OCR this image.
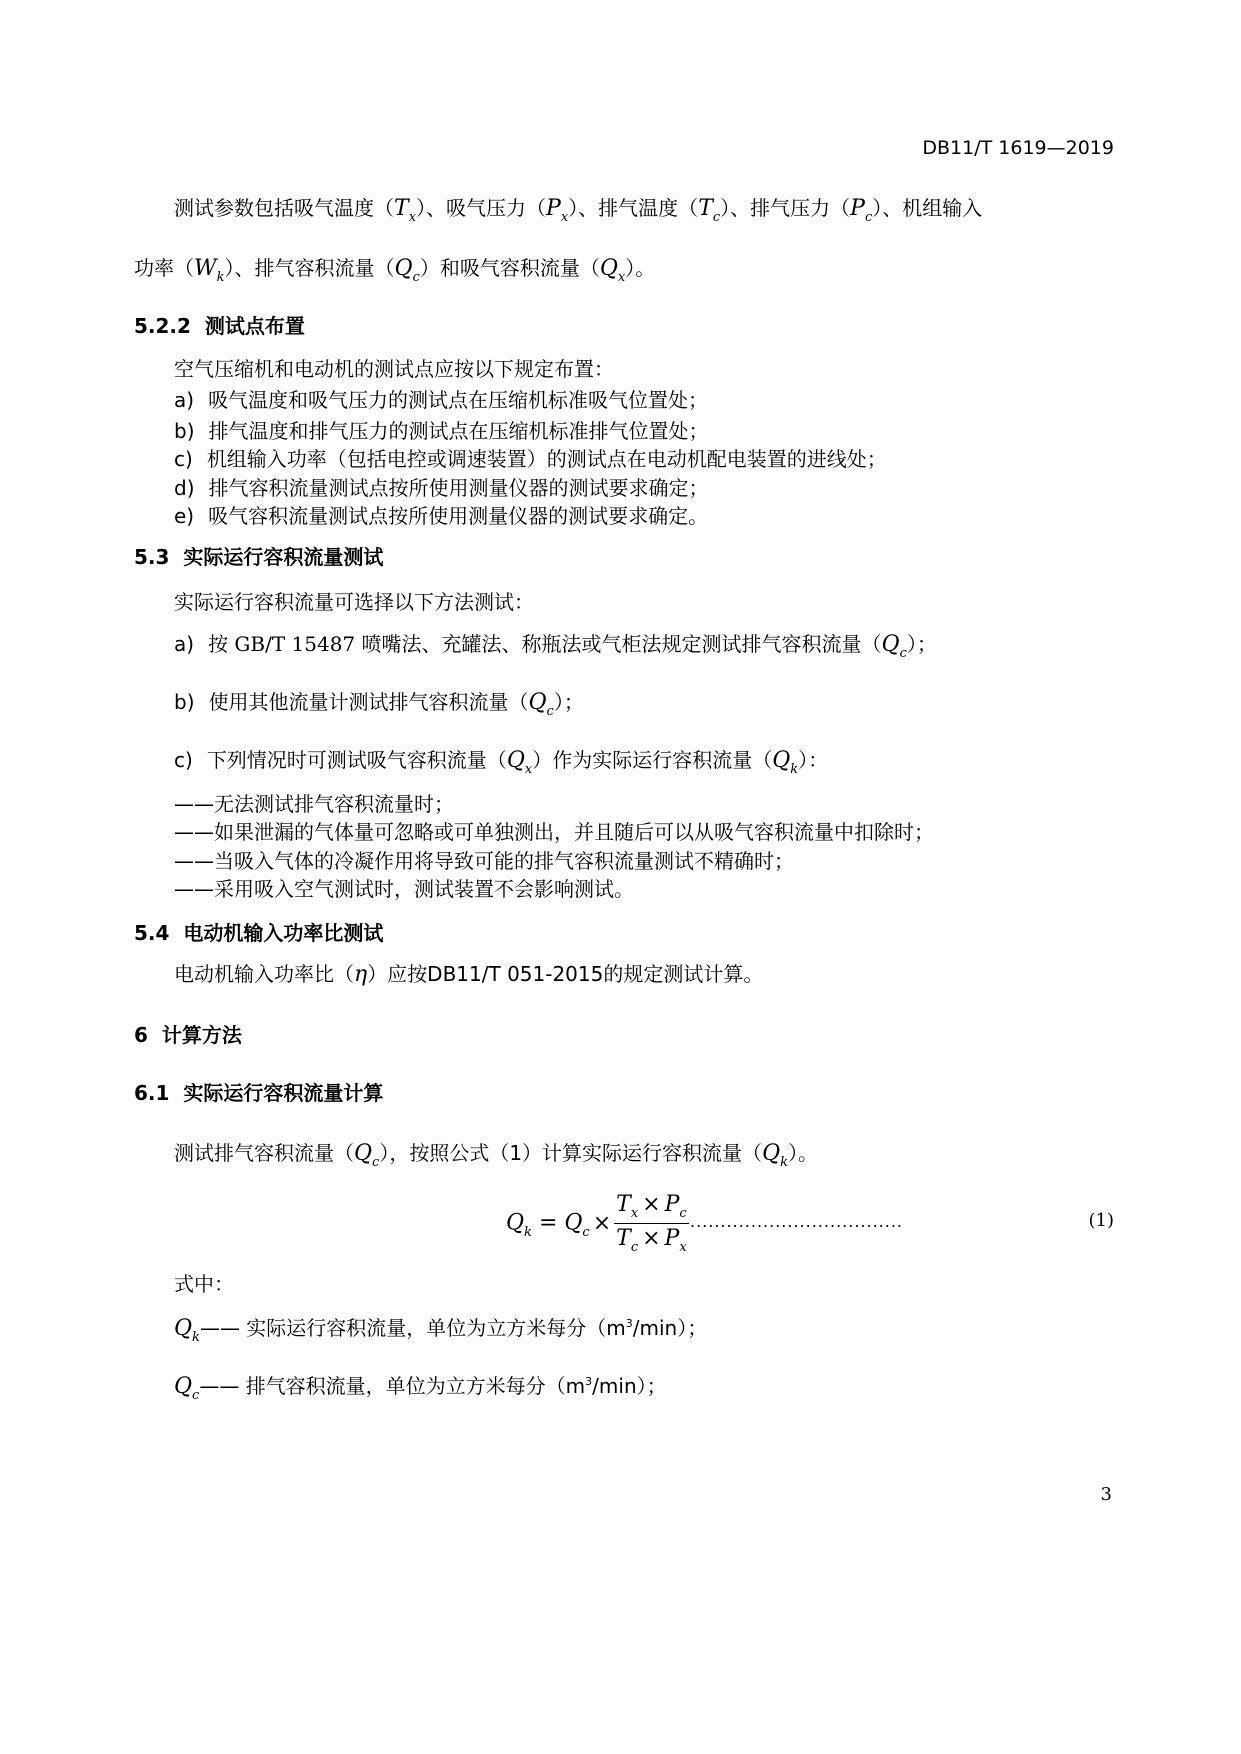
DB11/T 1619—2019
测试参数包括吸气温度$(T_x)$、吸气压力$(P_x)$、排气温度$(T_c)$、排气压力$(P_c)$、机组输入
功率$(W_k)$、排气容积流量$(Q_c)$和吸气容积流量$(Q_x)$。
5.2.2 测试点布置
空气压缩机和电动机的测试点应按以下规定布置：
a) 吸气温度和吸气压力的测试点在压缩机标准吸气位置处；
b) 排气温度和排气压力的测试点在压缩机标准排气位置处；
c) 机组输入功率（包括电控或调速装置）的测试点在电动机配电装置的进线处；
d) 排气容积流量测试点按所使用测量仪器的测试要求确定；
e) 吸气容积流量测试点按所使用测量仪器的测试要求确定。
5.3 实际运行容积流量测试
实际运行容积流量可选择以下方法测试：
a) 按 GB/T 15487 喷嘴法、充罐法、称瓶法或气柜法规定测试排气容积流量$(Q_c)$；
b) 使用其他流量计测试排气容积流量$(Q_c)$；
c) 下列情况时可测试吸气容积流量$(Q_x)$作为实际运行容积流量$(Q_k)$：
——无法测试排气容积流量时；
——如果泄漏的气体量可忽略或可单独测出，并且随后可以从吸气容积流量中扣除时；
——当吸入气体的冷凝作用将导致可能的排气容积流量测试不精确时；
——采用吸入空气测试时，测试装置不会影响测试。
5.4 电动机输入功率比测试
电动机输入功率比（η）应按DB11/T 051-2015的规定测试计算。
6 计算方法
6.1 实际运行容积流量计算
测试排气容积流量$(Q_c)$，按照公式（1）计算实际运行容积流量$(Q_k)$。
$Q_k = Q_c \times \frac{T_x \times P_c}{T_c \times P_x}$ ...................................	(1)
式中：
$Q_k——$ 实际运行容积流量，单位为立方米每分$(m^3/\min)$；
$Q_c——$ 排气容积流量，单位为立方米每分$(m^3/\min)$；
3
